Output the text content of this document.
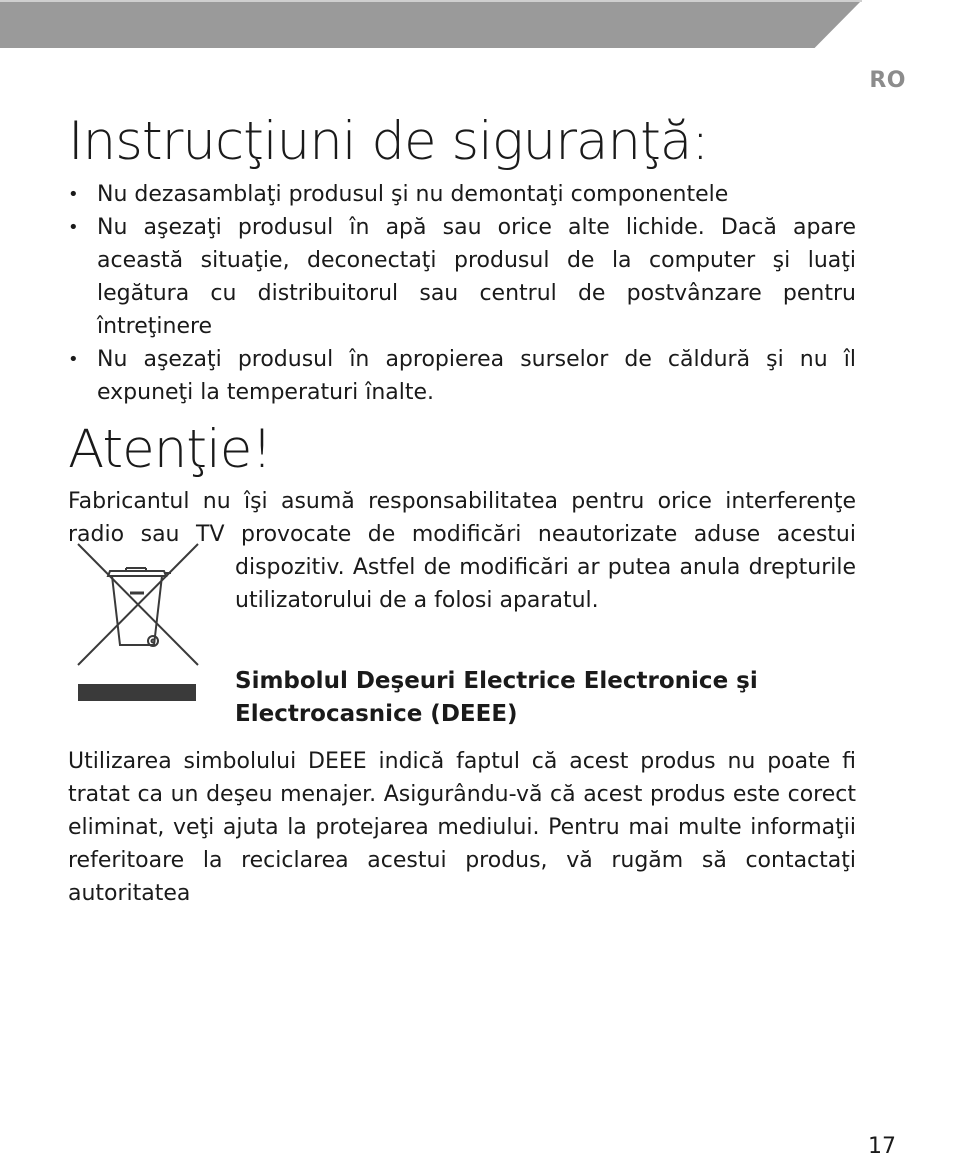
RO
Instrucţiuni de siguranţă:
• Nu dezasamblaţi produsul şi nu demontaţi componentele
• Nu aşezaţi produsul în apă sau orice alte lichide. Dacă apare această situaţie, deconectaţi produsul de la computer şi luaţi legătura cu distribuitorul sau centrul de postvânzare pentru întreţinere
• Nu aşezaţi produsul în apropierea surselor de căldură şi nu îl expuneţi la temperaturi înalte.
Atenţie!

Fabricantul nu îşi asumă responsabilitatea pentru orice interferenţe

radio sau TV provocate de modificări neautorizate aduse acestui

dispozitiv. Astfel de modificări ar putea anula drepturile utilizatorului de a folosi aparatul.

Simbolul Deşeuri Electrice Electronice şi Electrocasnice (DEEE)

Utilizarea simbolului DEEE indică faptul că acest produs nu poate fi tratat ca un deşeu menajer. Asigurându-vă că acest produs este corect eliminat, veţi ajuta la protejarea mediului. Pentru mai multe informaţii referitoare la reciclarea acestui produs, vă rugăm să contactaţi autoritatea

17
